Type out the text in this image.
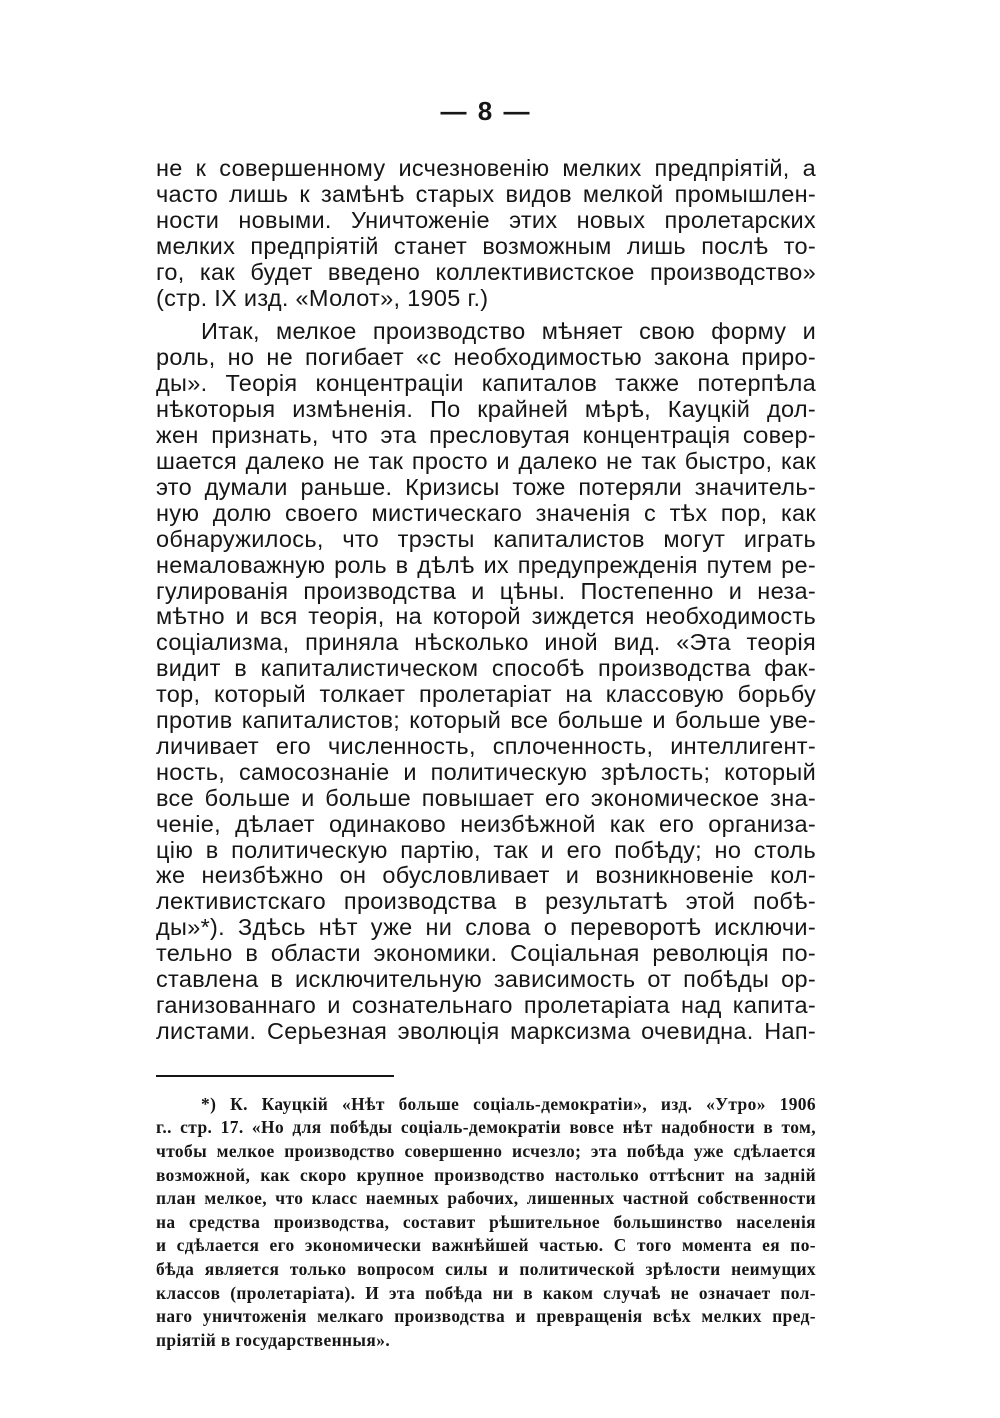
— 8 —
не к совершенному исчезновенiю мелких предпрiятiй, а
часто лишь к замѣнѣ старых видов мелкой промышлен-
ности новыми. Уничтоженiе этих новых пролетарских
мелких предпрiятiй станет возможным лишь послѣ то-
го, как будет введено коллективистское производство»
(стр. IX изд. «Молот», 1905 г.)
Итак, мелкое производство мѣняет свою форму и
роль, но не погибает «с необходимостью закона приро-
ды». Теорiя концентрацiи капиталов также потерпѣла
нѣкоторыя измѣненiя. По крайней мѣрѣ, Кауцкiй дол-
жен признать, что эта пресловутая концентрацiя совер-
шается далеко не так просто и далеко не так быстро, как
это думали раньше. Кризисы тоже потеряли значитель-
ную долю своего мистическаго значенiя с тѣх пор, как
обнаружилось, что трэсты капиталистов могут играть
немаловажную роль в дѣлѣ их предупрежденiя путем ре-
гулированiя производства и цѣны. Постепенно и неза-
мѣтно и вся теорiя, на которой зиждется необходимость
соцiализма, приняла нѣсколько иной вид. «Эта теорiя
видит в капиталистическом способѣ производства фак-
тор, который толкает пролетарiат на классовую борьбу
против капиталистов; который все больше и больше уве-
личивает его численность, сплоченность, интеллигент-
ность, самосознанiе и политическую зрѣлость; который
все больше и больше повышает его экономическое зна-
ченiе, дѣлает одинаково неизбѣжной как его организа-
цiю в политическую партiю, так и его побѣду; но столь
же неизбѣжно он обусловливает и возникновенiе кол-
лективистскаго производства в результатѣ этой побѣ-
ды»*). Здѣсь нѣт уже ни слова о переворотѣ исключи-
тельно в области экономики. Соцiальная революцiя по-
ставлена в исключительную зависимость от побѣды ор-
ганизованнаго и сознательнаго пролетарiата над капита-
листами. Серьезная эволюцiя марксизма очевидна. Нап-
*) К. Кауцкiй «Нѣт больше соцiаль-демократiи», изд. «Утро» 1906
г.. стр. 17. «Но для побѣды соцiаль-демократiи вовсе нѣт надобности в том,
чтобы мелкое производство совершенно исчезло; эта побѣда уже сдѣлается
возможной, как скоро крупное производство настолько оттѣснит на заднiй
план мелкое, что класс наемных рабочих, лишенных частной собственности
на средства производства, составит рѣшительное большинство населенiя
и сдѣлается его экономически важнѣйшей частью. С того момента ея по-
бѣда является только вопросом силы и политической зрѣлости неимущих
классов (пролетарiата). И эта побѣда ни в каком случаѣ не означает пол-
наго уничтоженiя мелкаго производства и превращенiя всѣх мелких пред-
прiятiй в государственныя».
